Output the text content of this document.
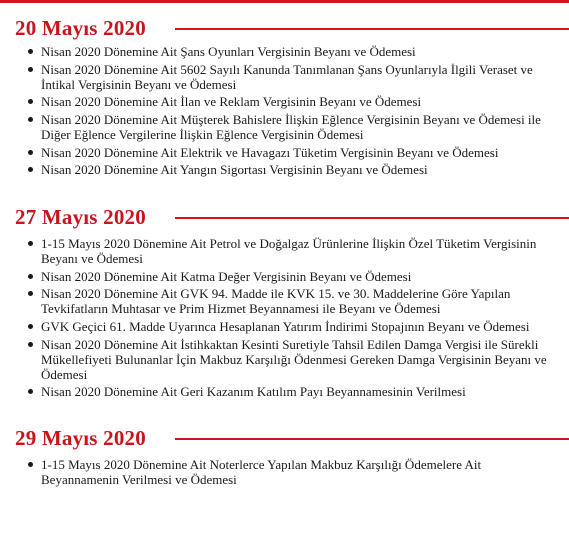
20 Mayıs 2020
Nisan 2020 Dönemine Ait Şans Oyunları Vergisinin Beyanı ve Ödemesi
Nisan 2020 Dönemine Ait 5602 Sayılı Kanunda Tanımlanan Şans Oyunlarıyla İlgili Veraset ve İntikal Vergisinin Beyanı ve Ödemesi
Nisan 2020 Dönemine Ait İlan ve Reklam Vergisinin Beyanı ve Ödemesi
Nisan 2020 Dönemine Ait Müşterek Bahislere İlişkin Eğlence Vergisinin Beyanı ve Ödemesi ile Diğer Eğlence Vergilerine İlişkin Eğlence Vergisinin Ödemesi
Nisan 2020 Dönemine Ait Elektrik ve Havagazı Tüketim Vergisinin Beyanı ve Ödemesi
Nisan 2020 Dönemine Ait Yangın Sigortası Vergisinin Beyanı ve Ödemesi
27 Mayıs 2020
1-15 Mayıs 2020 Dönemine Ait Petrol ve Doğalgaz Ürünlerine İlişkin Özel Tüketim Vergisinin Beyanı ve Ödemesi
Nisan 2020 Dönemine Ait Katma Değer Vergisinin Beyanı ve Ödemesi
Nisan 2020 Dönemine Ait GVK 94. Madde ile KVK 15. ve 30. Maddelerine Göre Yapılan Tevkifatların Muhtasar ve Prim Hizmet Beyannamesi ile Beyanı ve Ödemesi
GVK Geçici 61. Madde Uyarınca Hesaplanan Yatırım İndirimi Stopajının Beyanı ve Ödemesi
Nisan 2020 Dönemine Ait İstihkaktan Kesinti Suretiyle Tahsil Edilen Damga Vergisi ile Sürekli Mükellefiyeti Bulunanlar İçin Makbuz Karşılığı Ödenmesi Gereken Damga Vergisinin Beyanı ve Ödemesi
Nisan 2020 Dönemine Ait Geri Kazanım Katılım Payı Beyannamesinin Verilmesi
29 Mayıs 2020
1-15 Mayıs 2020 Dönemine Ait Noterlerce Yapılan Makbuz Karşılığı Ödemelere Ait Beyannamenin Verilmesi ve Ödemesi
